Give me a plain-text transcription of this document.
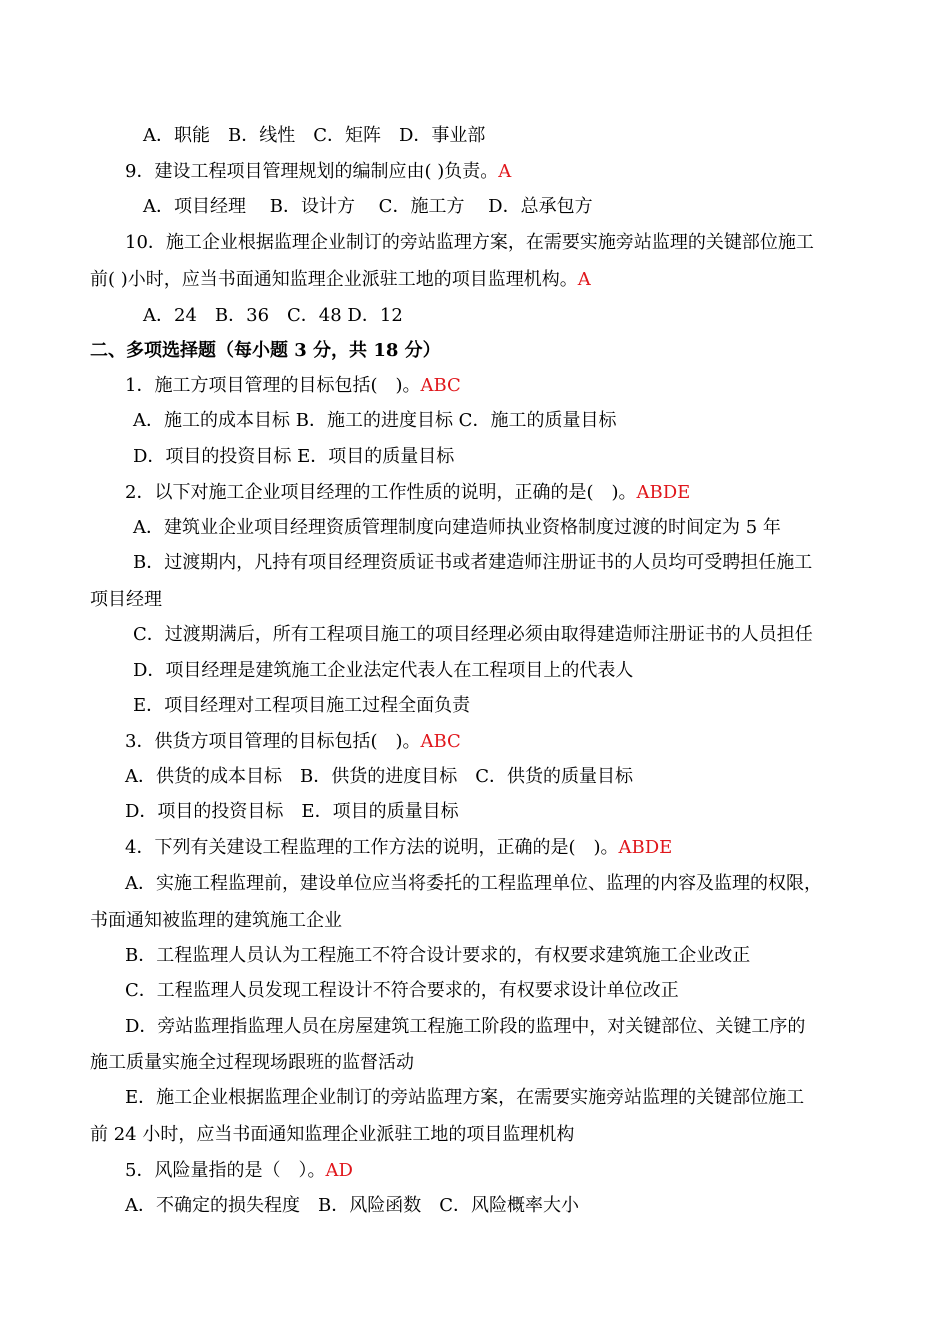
A．职能　B．线性　C．矩阵　D．事业部
9．建设工程项目管理规划的编制应由( )负责。A
A．项目经理　 B．设计方　 C．施工方　 D．总承包方
10．施工企业根据监理企业制订的旁站监理方案，在需要实施旁站监理的关键部位施工
前( )小时，应当书面通知监理企业派驻工地的项目监理机构。A
A．24　B．36　C．48 D．12
二、多项选择题（每小题 3 分，共 18 分）
1．施工方项目管理的目标包括(　)。ABC
A．施工的成本目标 B．施工的进度目标 C．施工的质量目标
D．项目的投资目标 E．项目的质量目标
2．以下对施工企业项目经理的工作性质的说明，正确的是(　)。ABDE
A．建筑业企业项目经理资质管理制度向建造师执业资格制度过渡的时间定为 5 年
B．过渡期内，凡持有项目经理资质证书或者建造师注册证书的人员均可受聘担任施工
项目经理
C．过渡期满后，所有工程项目施工的项目经理必须由取得建造师注册证书的人员担任
D．项目经理是建筑施工企业法定代表人在工程项目上的代表人
E．项目经理对工程项目施工过程全面负责
3．供货方项目管理的目标包括(　)。ABC
A．供货的成本目标　B．供货的进度目标　C．供货的质量目标
D．项目的投资目标　E．项目的质量目标
4．下列有关建设工程监理的工作方法的说明，正确的是(　)。ABDE
A．实施工程监理前，建设单位应当将委托的工程监理单位、监理的内容及监理的权限，
书面通知被监理的建筑施工企业
B．工程监理人员认为工程施工不符合设计要求的，有权要求建筑施工企业改正
C．工程监理人员发现工程设计不符合要求的，有权要求设计单位改正
D．旁站监理指监理人员在房屋建筑工程施工阶段的监理中，对关键部位、关键工序的
施工质量实施全过程现场跟班的监督活动
E．施工企业根据监理企业制订的旁站监理方案，在需要实施旁站监理的关键部位施工
前 24 小时，应当书面通知监理企业派驻工地的项目监理机构
5．风险量指的是（　）。AD
A．不确定的损失程度　B．风险函数　C．风险概率大小
